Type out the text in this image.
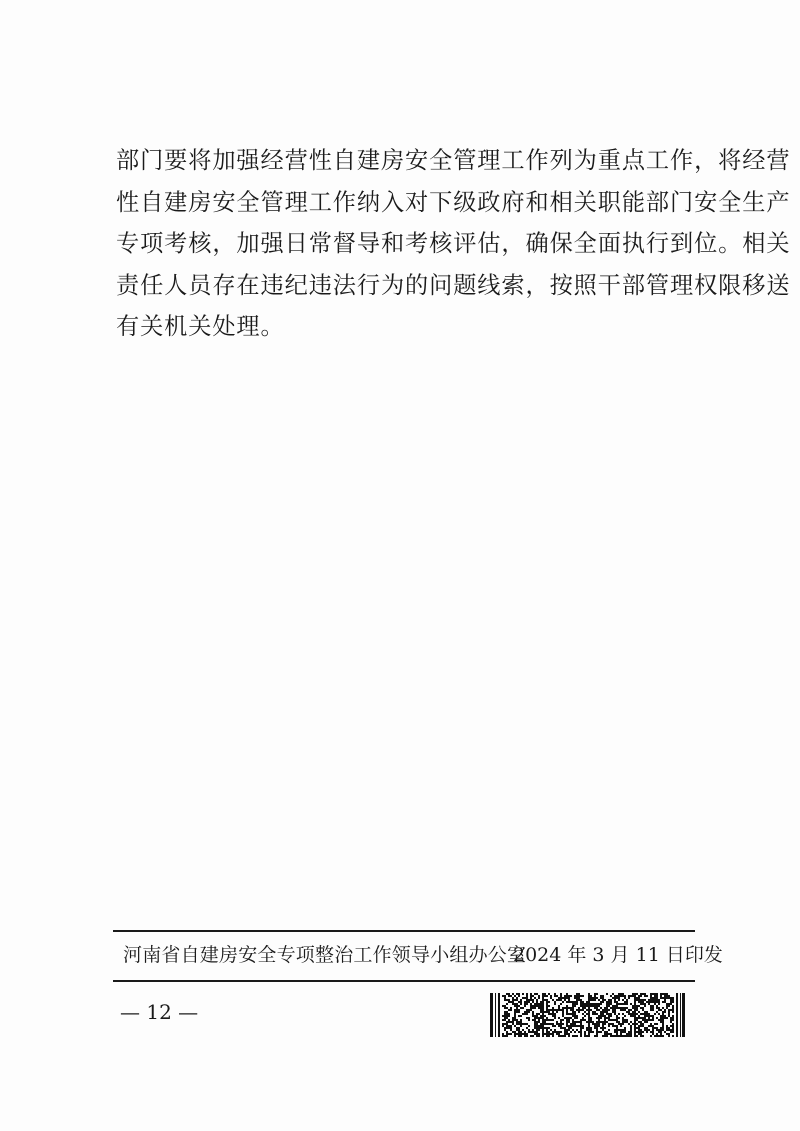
部门要将加强经营性自建房安全管理工作列为重点工作，将经营
性自建房安全管理工作纳入对下级政府和相关职能部门安全生产
专项考核，加强日常督导和考核评估，确保全面执行到位。相关
责任人员存在违纪违法行为的问题线索，按照干部管理权限移送
有关机关处理。
河南省自建房安全专项整治工作领导小组办公室
2024 年 3 月 11 日印发
— 12 —
